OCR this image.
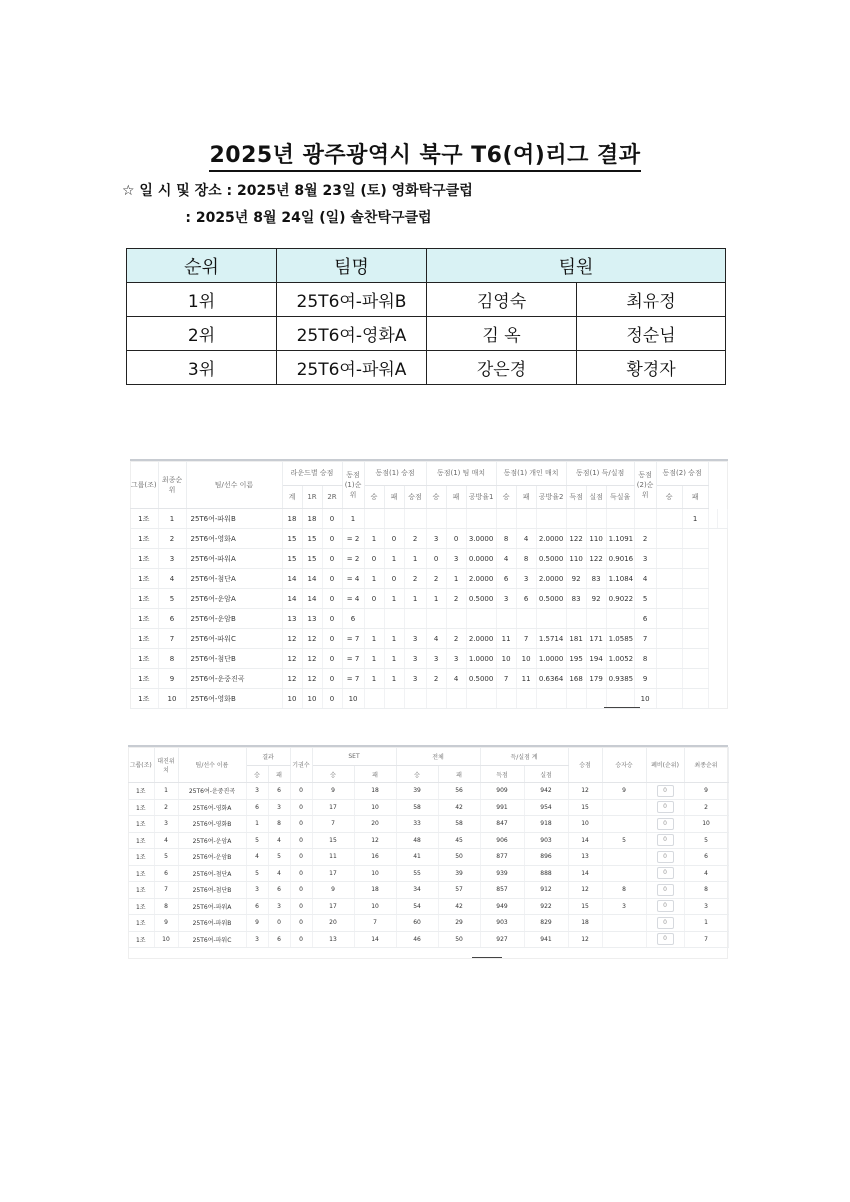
2025년 광주광역시 북구 T6(여)리그 결과
☆ 일 시 및 장소 : 2025년 8월 23일 (토) 영화탁구클럽
: 2025년 8월 24일 (일) 솔찬탁구클럽
순위	팀명	팀원	
1위	25T6여-파워B	김영숙	최유정
2위	25T6여-영화A	김 옥	정순님
3위	25T6여-파워A	강은경	황경자
그룹(조)	최종순위	팀/선수 이름	라운드별 승점			동점(1)순위	동점(1) 승점			동점(1) 팀 매치			동점(1) 개인 매치			동점(1) 득/실점			동점(2)순위	동점(2) 승점			
			계	1R	2R		승	패	승점	승	패	공방율1	승	패	공방율2	득점	실점	득실율		승	패		
1조	1	25T6여-파워B	18	18	0	1															1		
1조	2	25T6여-영화A	15	15	0	= 2	1	0	2	3	0	3.0000	8	4	2.0000	122	110	1.1091	2				
1조	3	25T6여-파워A	15	15	0	= 2	0	1	1	0	3	0.0000	4	8	0.5000	110	122	0.9016	3				
1조	4	25T6여-첨단A	14	14	0	= 4	1	0	2	2	1	2.0000	6	3	2.0000	92	83	1.1084	4				
1조	5	25T6여-운암A	14	14	0	= 4	0	1	1	1	2	0.5000	3	6	0.5000	83	92	0.9022	5				
1조	6	25T6여-운암B	13	13	0	6													6				
1조	7	25T6여-파워C	12	12	0	= 7	1	1	3	4	2	2.0000	11	7	1.5714	181	171	1.0585	7				
1조	8	25T6여-첨단B	12	12	0	= 7	1	1	3	3	3	1.0000	10	10	1.0000	195	194	1.0052	8				
1조	9	25T6여-운중진곡	12	12	0	= 7	1	1	3	2	4	0.5000	7	11	0.6364	168	179	0.9385	9				
1조	10	25T6여-영화B	10	10	0	10													10				
그룹(조)	대진위치	팀/선수 이름	결과		기권수	SET		전체		득/실점 계		승점	승자승	폐비(순위)	최종순위
			승	패		승	패	승	패	득점	실점				
1조	1	25T6여-운중진곡	3	6	0	9	18	39	56	909	942	12	9	0	9
1조	2	25T6여-영화A	6	3	0	17	10	58	42	991	954	15		0	2
1조	3	25T6여-영화B	1	8	0	7	20	33	58	847	918	10		0	10
1조	4	25T6여-운암A	5	4	0	15	12	48	45	906	903	14	5	0	5
1조	5	25T6여-운암B	4	5	0	11	16	41	50	877	896	13		0	6
1조	6	25T6여-첨단A	5	4	0	17	10	55	39	939	888	14		0	4
1조	7	25T6여-첨단B	3	6	0	9	18	34	57	857	912	12	8	0	8
1조	8	25T6여-파워A	6	3	0	17	10	54	42	949	922	15	3	0	3
1조	9	25T6여-파워B	9	0	0	20	7	60	29	903	829	18		0	1
1조	10	25T6여-파워C	3	6	0	13	14	46	50	927	941	12		0	7
